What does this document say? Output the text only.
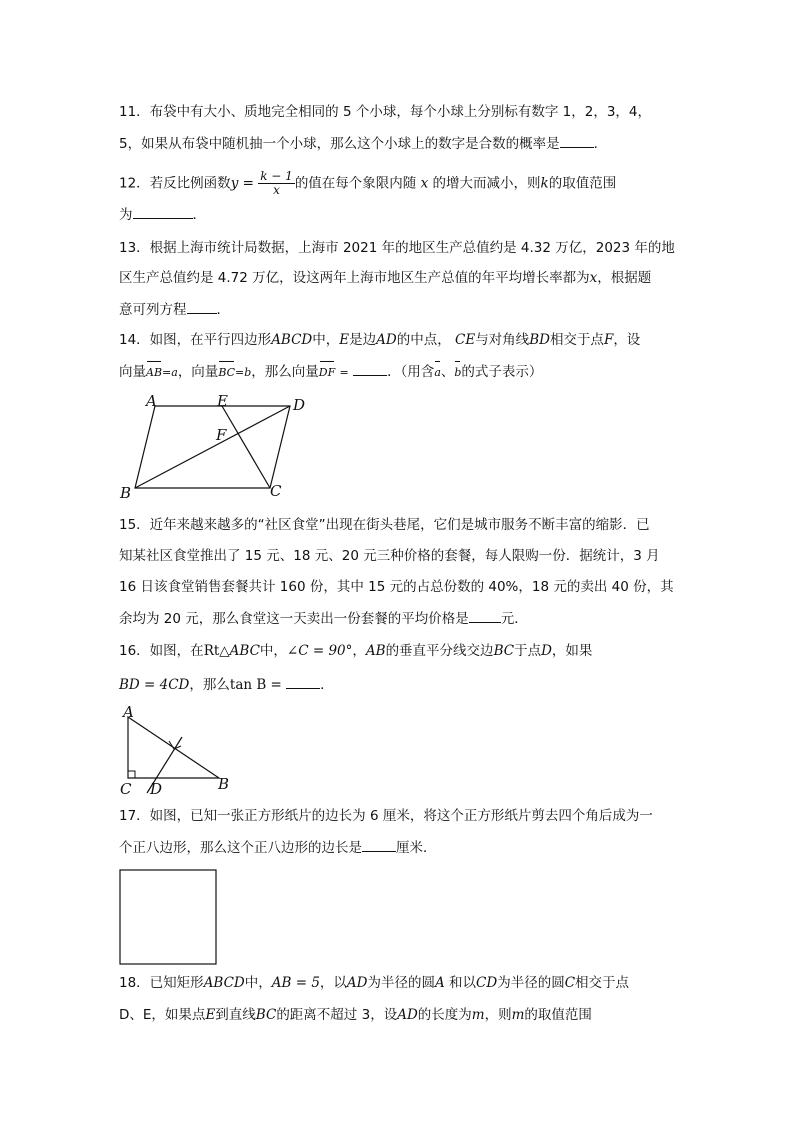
11．布袋中有大小、质地完全相同的 5 个小球，每个小球上分别标有数字 1，2，3，4，
5，如果从布袋中随机抽一个小球，那么这个小球上的数字是合数的概率是	．
12．若反比例函数$y = \frac{k - 1}{x}$ 的值在每个象限内随 x 的增大而减小，则k的取值范围
为	．
13．根据上海市统计局数据，上海市 2021 年的地区生产总值约是 4.32 万亿，2023 年的地
区生产总值约是 4.72 万亿，设这两年上海市地区生产总值的年平均增长率都为x，根据题
意可列方程 ．
14．如图，在平行四边形ABCD中，E是边AD的中点， CE与对角线BD相交于点F，设
向量AB=a，向量BC=b，那么向量DF =	．（用含a、b的式子表示）
A	E	D
F
B	C
15．近年来越来越多的“社区食堂”出现在街头巷尾，它们是城市服务不断丰富的缩影．已
知某社区食堂推出了 15 元、18 元、20 元三种价格的套餐，每人限购一份．据统计，3 月
16 日该食堂销售套餐共计 160 份，其中 15 元的占总份数的 40%，18 元的卖出 40 份，其
余均为 20 元，那么食堂这一天卖出一份套餐的平均价格是 元．
16．如图，在Rt△ABC中，∠C = 90°，AB的垂直平分线交边BC于点D，如果
BD = 4CD，那么tan B =	．
A
B
C D
17．如图，已知一张正方形纸片的边长为 6 厘米，将这个正方形纸片剪去四个角后成为一
个正八边形，那么这个正八边形的边长是	厘米．
18．已知矩形ABCD中，AB = 5，以AD为半径的圆A 和以CD为半径的圆C相交于点
D、E，如果点E到直线BC的距离不超过 3，设AD的长度为m，则m的取值范围
